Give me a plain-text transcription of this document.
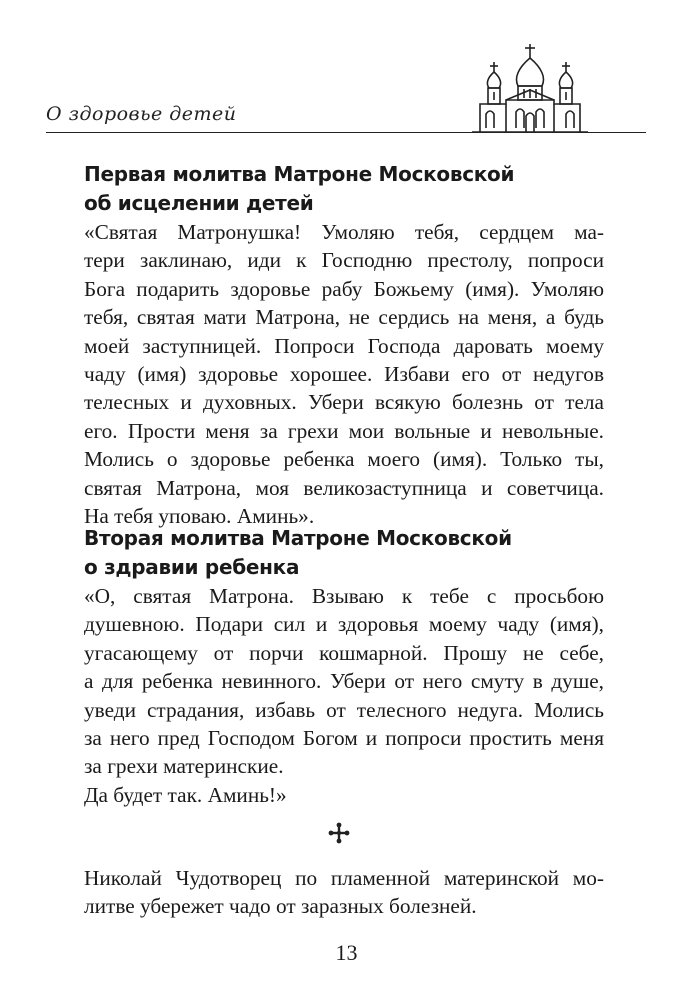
О здоровье детей
Первая молитва Матроне Московской
об исцелении детей

«Святая Матронушка! Умоляю тебя, сердцем ма-
тери заклинаю, иди к Господню престолу, попроси
Бога подарить здоровье рабу Божьему (имя). Умоляю
тебя, святая мати Матрона, не сердись на меня, а будь
моей заступницей. Попроси Господа даровать моему
чаду (имя) здоровье хорошее. Избави его от недугов
телесных и духовных. Убери всякую болезнь от тела
его. Прости меня за грехи мои вольные и невольные.
Молись о здоровье ребенка моего (имя). Только ты,
святая Матрона, моя великозаступница и советчица.
На тебя уповаю. Аминь».

Вторая молитва Матроне Московской
о здравии ребенка

«О, святая Матрона. Взываю к тебе с просьбою
душевною. Подари сил и здоровья моему чаду (имя),
угасающему от порчи кошмарной. Прошу не себе,
а для ребенка невинного. Убери от него смуту в душе,
уведи страдания, избавь от телесного недуга. Молись
за него пред Господом Богом и попроси простить меня
за грехи материнские.
Да будет так. Аминь!»

Николай Чудотворец по пламенной материнской мо-
литве убережет чадо от заразных болезней.

13
